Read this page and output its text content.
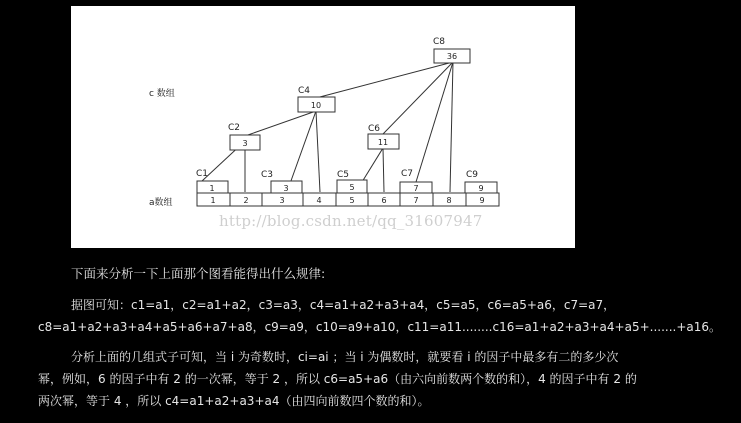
1	2	3	4	5	6	7	8	9
1
3
3
10
5
11
7
36
9
C1
C2
C3
C4
C5
C6
C7
C8
C9
c 数组
a数组
http://blog.csdn.net/qq_31607947

下面来分析一下上面那个图看能得出什么规律:

据图可知：c1=a1，c2=a1+a2，c3=a3，c4=a1+a2+a3+a4，c5=a5，c6=a5+a6，c7=a7，
c8=a1+a2+a3+a4+a5+a6+a7+a8，c9=a9，c10=a9+a10，c11=a11........c16=a1+a2+a3+a4+a5+.......+a16。
分析上面的几组式子可知，当 i 为奇数时，ci=ai ；当 i 为偶数时，就要看 i 的因子中最多有二的多少次
幂，例如，6 的因子中有 2 的一次幂，等于 2 ，所以 c6=a5+a6（由六向前数两个数的和），4 的因子中有 2 的
两次幂，等于 4 ，所以 c4=a1+a2+a3+a4（由四向前数四个数的和）。
